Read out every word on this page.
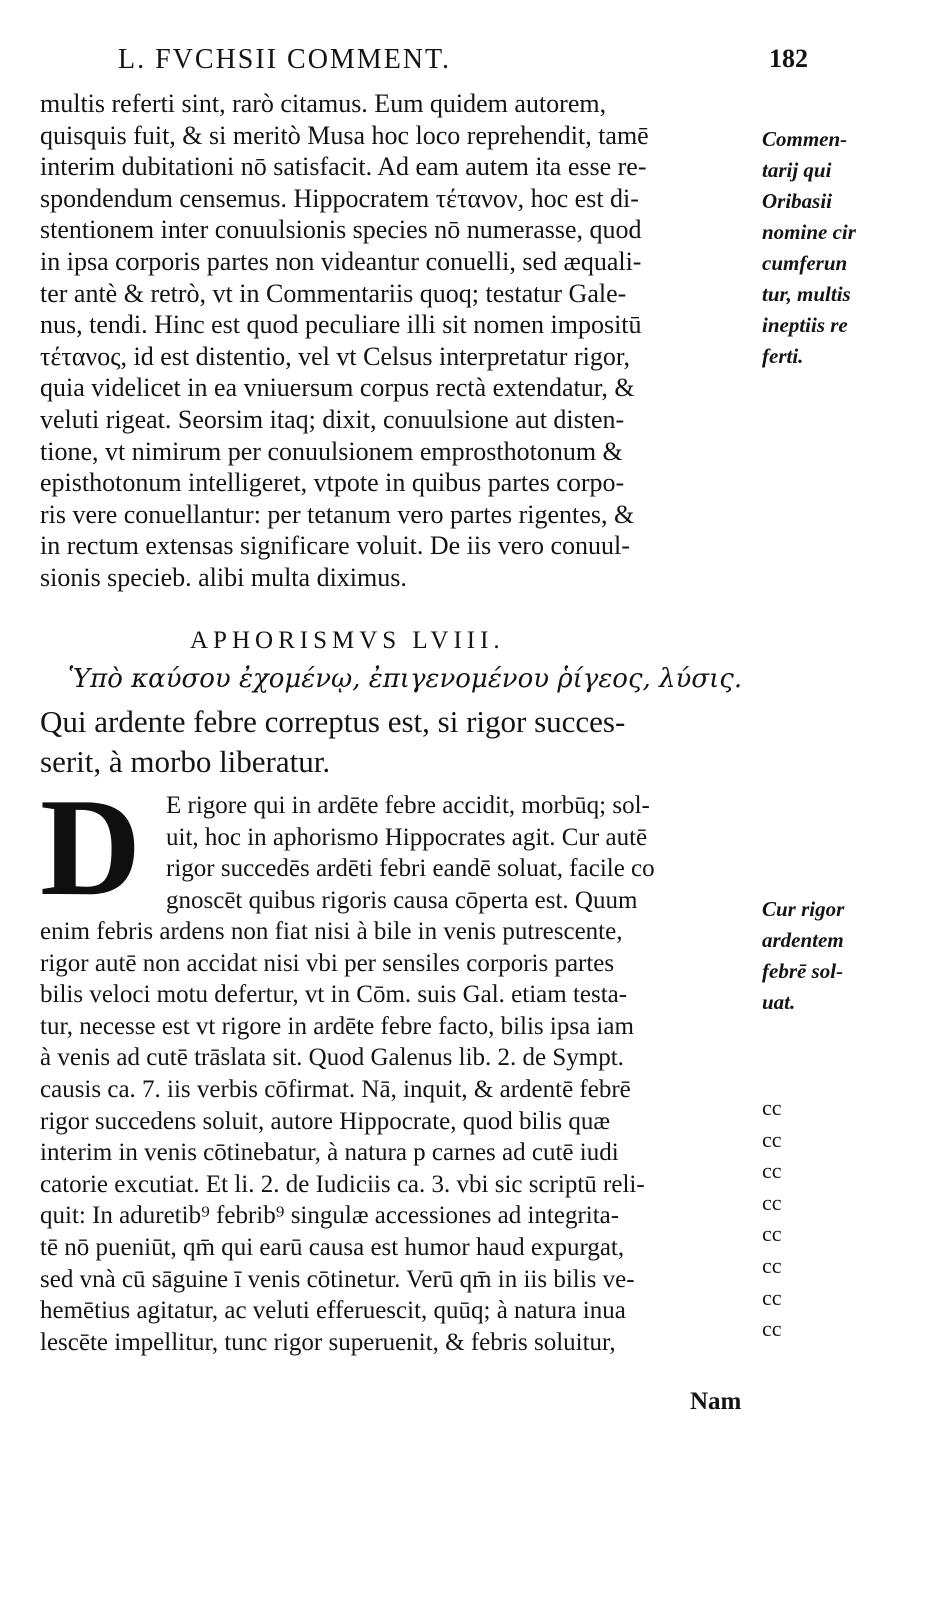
L. FVCHSII COMMENT.	182
multis referti sint, rarò citamus. Eum quidem autorem,
quisquis fuit, & si meritò Musa hoc loco reprehendit, tamē
interim dubitationi nō satisfacit. Ad eam autem ita esse re-
spondendum censemus. Hippocratem τέτανον, hoc est di-
stentionem inter conuulsionis species nō numerasse, quod
in ipsa corporis partes non videantur conuelli, sed æquali-
ter antè & retrò, vt in Commentariis quoq; testatur Gale-
nus, tendi. Hinc est quod peculiare illi sit nomen impositū
τέτανος, id est distentio, vel vt Celsus interpretatur rigor,
quia videlicet in ea vniuersum corpus rectà extendatur, &
veluti rigeat. Seorsim itaq; dixit, conuulsione aut disten-
tione, vt nimirum per conuulsionem emprosthotonum &
episthotonum intelligeret, vtpote in quibus partes corpo-
ris vere conuellantur: per tetanum vero partes rigentes, &
in rectum extensas significare voluit. De iis vero conuul-
sionis specieb. alibi multa diximus.
Commen-
tarij qui
Oribasii
nomine cir
cumferun
tur, multis
ineptiis re
ferti.
APHORISMVS LVIII.
Ὑπὸ καύσου ἐχομένῳ, ἐπιγενομένου ῥίγεος, λύσις.
Qui ardente febre correptus est, si rigor succes-
serit, à morbo liberatur.
D E rigore qui in ardēte febre accidit, morbūq; sol-
uit, hoc in aphorismo Hippocrates agit. Cur autē
rigor succedēs ardēti febri eandē soluat, facile co
gnoscēt quibus rigoris causa cōperta est. Quum	Cur rigor
ardentem
febrē sol-
uat.
enim febris ardens non fiat nisi à bile in venis putrescente,
rigor autē non accidat nisi vbi per sensiles corporis partes
bilis veloci motu defertur, vt in Cōm. suis Gal. etiam testa-
tur, necesse est vt rigore in ardēte febre facto, bilis ipsa iam
à venis ad cutē trāslata sit. Quod Galenus lib. 2. de Sympt.
causis ca. 7. iis verbis cōfirmat. Nā, inquit, & ardentē febrē
rigor succedens soluit, autore Hippocrate, quod bilis quæ
interim in venis cōtinebatur, à natura p carnes ad cutē iudi
catorie excutiat. Et li. 2. de Iudiciis ca. 3. vbi sic scriptū reli-
quit: In aduretib⁹ febrib⁹ singulæ accessiones ad integrita-
tē nō pueniūt, qm̄ qui earū causa est humor haud expurgat,
sed vnà cū sāguine ī venis cōtinetur. Verū qm̄ in iis bilis ve-
hemētius agitatur, ac veluti efferuescit, quūq; à natura inua
lescēte impellitur, tunc rigor superuenit, & febris soluitur,
cc
cc
cc
cc
cc
cc
cc
cc
Nam
